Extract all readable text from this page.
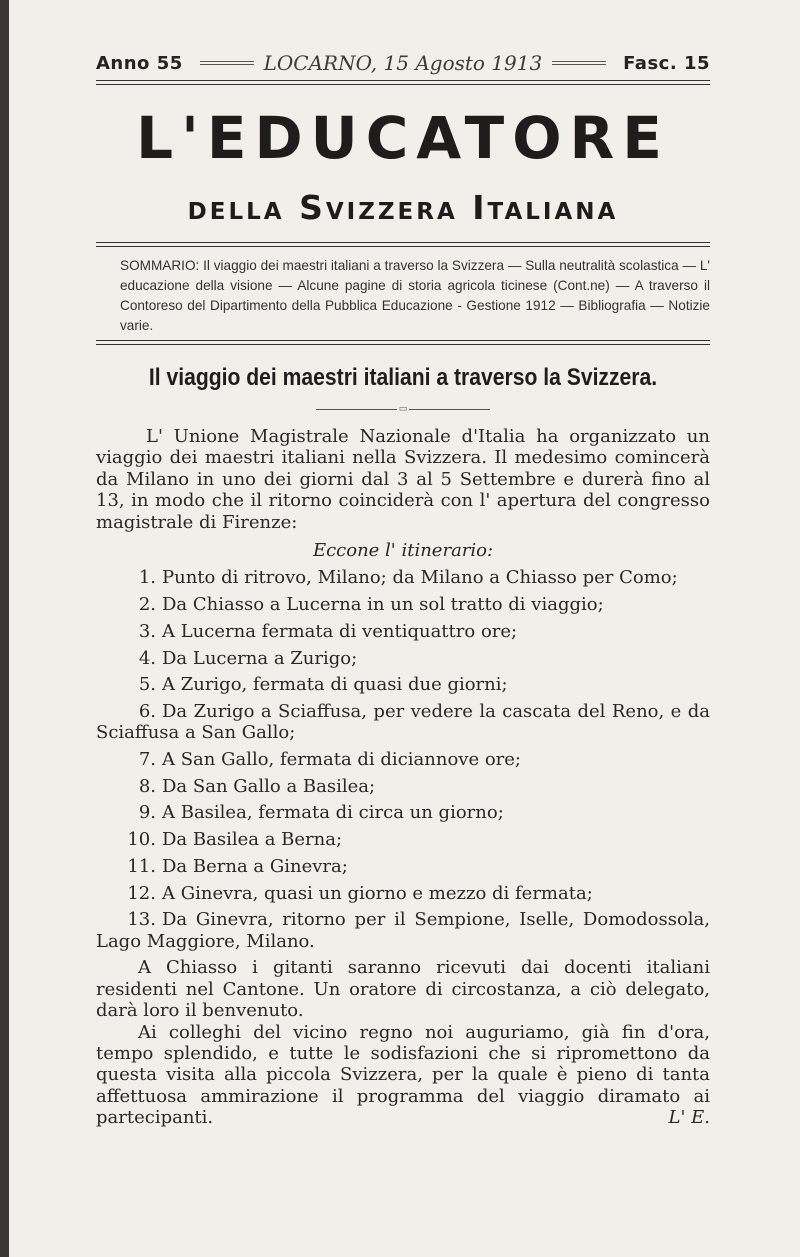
Anno 55	LOCARNO, 15 Agosto 1913	Fasc. 15
L'EDUCATORE
della Svizzera Italiana
SOMMARIO: Il viaggio dei maestri italiani a traverso la Svizzera — Sulla neutralità scolastica — L' educazione della visione — Alcune pagine di storia agricola ticinese (Cont.ne) — A traverso il Contoreso del Dipartimento della Pubblica Educazione - Gestione 1912 — Bibliografia — Notizie varie.
Il viaggio dei maestri italiani a traverso la Svizzera.
▭

L' Unione Magistrale Nazionale d'Italia ha organizzato un viaggio dei maestri italiani nella Svizzera. Il medesimo comincerà da Milano in uno dei giorni dal 3 al 5 Settembre e durerà fino al 13, in modo che il ritorno coinciderà con l' apertura del congresso magistrale di Firenze:

Eccone l' itinerario:
1. Punto di ritrovo, Milano; da Milano a Chiasso per Como;
2. Da Chiasso a Lucerna in un sol tratto di viaggio;
3. A Lucerna fermata di ventiquattro ore;
4. Da Lucerna a Zurigo;
5. A Zurigo, fermata di quasi due giorni;
6. Da Zurigo a Sciaffusa, per vedere la cascata del Reno, e da Sciaffusa a San Gallo;
7. A San Gallo, fermata di diciannove ore;
8. Da San Gallo a Basilea;
9. A Basilea, fermata di circa un giorno;
10. Da Basilea a Berna;
11. Da Berna a Ginevra;
12. A Ginevra, quasi un giorno e mezzo di fermata;
13. Da Ginevra, ritorno per il Sempione, Iselle, Domodossola, Lago Maggiore, Milano.

A Chiasso i gitanti saranno ricevuti dai docenti italiani residenti nel Cantone. Un oratore di circostanza, a ciò delegato, darà loro il benvenuto.

Ai colleghi del vicino regno noi auguriamo, già fin d'ora, tempo splendido, e tutte le sodisfazioni che si ripromettono da questa visita alla piccola Svizzera, per la quale è pieno di tanta affettuosa ammirazione il programma del viaggio diramato ai partecipanti.	L' E.
